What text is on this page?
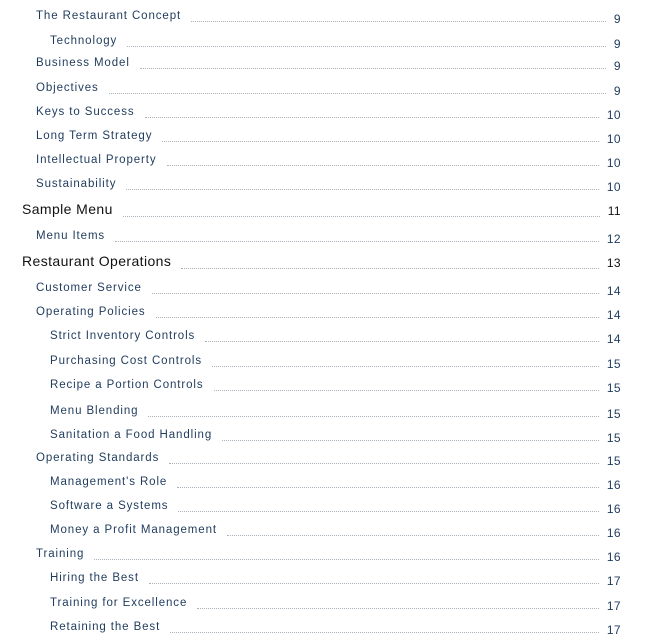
The Restaurant Concept	9
Technology	9
Business Model	9
Objectives	9
Keys to Success	10
Long Term Strategy	10
Intellectual Property	10
Sustainability	10
Sample Menu	11
Menu Items	12
Restaurant Operations	13
Customer Service	14
Operating Policies	14
Strict Inventory Controls	14
Purchasing Cost Controls	15
Recipe a Portion Controls	15
Menu Blending	15
Sanitation a Food Handling	15
Operating Standards	15
Management's Role	16
Software a Systems	16
Money a Profit Management	16
Training	16
Hiring the Best	17
Training for Excellence	17
Retaining the Best	17
